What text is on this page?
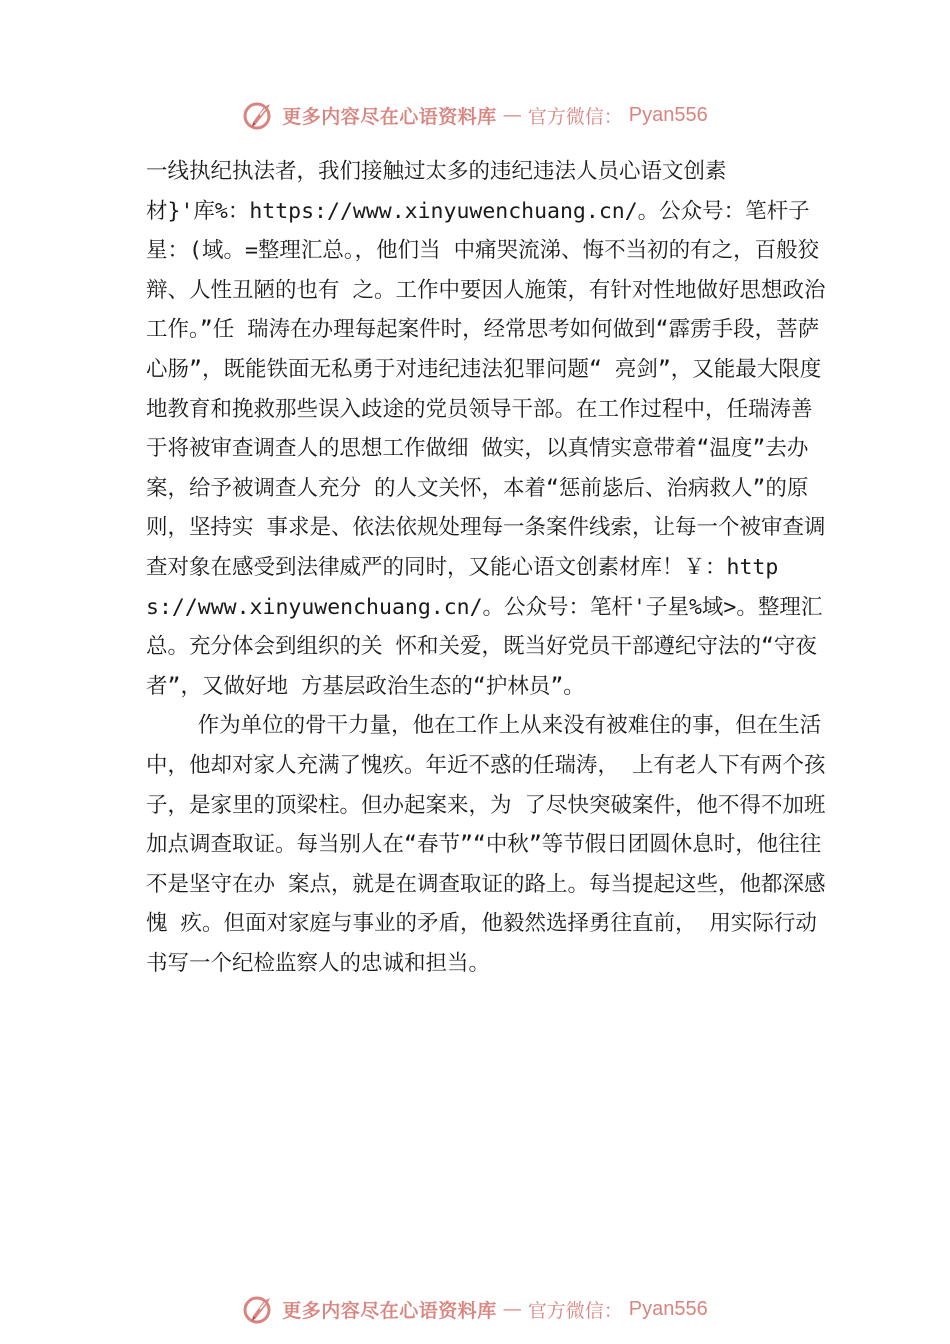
更多内容尽在心语资料库 — 官方微信： Pyan556

一线执纪执法者，我们接触过太多的违纪违法人员心语文创素材}'库%：https://www.xinyuwenchuang.cn/。公众号：笔杆子星：(域。=整理汇总。，他们当 中痛哭流涕、悔不当初的有之，百般狡辩、人性丑陋的也有 之。工作中要因人施策，有针对性地做好思想政治工作。”任 瑞涛在办理每起案件时，经常思考如何做到“霹雳手段，菩萨心肠”，既能铁面无私勇于对违纪违法犯罪问题“ 亮剑”，又能最大限度地教育和挽救那些误入歧途的党员领导干部。在工作过程中，任瑞涛善于将被审查调查人的思想工作做细 做实，以真情实意带着“温度”去办案，给予被调查人充分 的人文关怀，本着“惩前毖后、治病救人”的原则，坚持实 事求是、依法依规处理每一条案件线索，让每一个被审查调 查对象在感受到法律威严的同时，又能心语文创素材库！￥：https://www.xinyuwenchuang.cn/。公众号：笔杆'子星%域>。整理汇总。充分体会到组织的关 怀和关爱，既当好党员干部遵纪守法的“守夜者”，又做好地 方基层政治生态的“护林员”。

作为单位的骨干力量，他在工作上从来没有被难住的事，但在生活中，他却对家人充满了愧疚。年近不惑的任瑞涛， 上有老人下有两个孩子，是家里的顶梁柱。但办起案来，为 了尽快突破案件，他不得不加班加点调查取证。每当别人在“春节”“中秋”等节假日团圆休息时，他往往不是坚守在办 案点，就是在调查取证的路上。每当提起这些，他都深感愧 疚。但面对家庭与事业的矛盾，他毅然选择勇往直前， 用实际行动书写一个纪检监察人的忠诚和担当。

更多内容尽在心语资料库 — 官方微信： Pyan556
